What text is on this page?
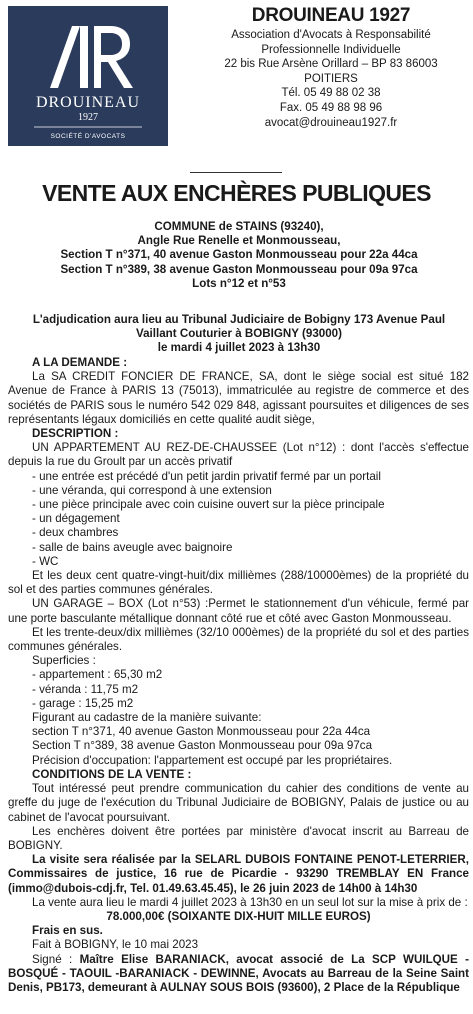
DROUINEAU
1927
SOCIÉTÉ D'AVOCATS
DROUINEAU 1927
Association d'Avocats à Responsabilité
Professionnelle Individuelle
22 bis Rue Arsène Orillard – BP 83 86003
POITIERS
Tél. 05 49 88 02 38
Fax. 05 49 88 98 96
avocat@drouineau1927.fr
VENTE AUX ENCHÈRES PUBLIQUES
COMMUNE de STAINS (93240),
Angle Rue Renelle et Monmousseau,
Section T n°371, 40 avenue Gaston Monmousseau pour 22a 44ca
Section T n°389, 38 avenue Gaston Monmousseau pour 09a 97ca
Lots n°12 et n°53
L'adjudication aura lieu au Tribunal Judiciaire de Bobigny 173 Avenue Paul
Vaillant Couturier à BOBIGNY (93000)
le mardi 4 juillet 2023 à 13h30

A LA DEMANDE :

La SA CREDIT FONCIER DE FRANCE, SA, dont le siège social est situé 182 Avenue de France à PARIS 13 (75013), immatriculée au registre de commerce et des sociétés de PARIS sous le numéro 542 029 848, agissant poursuites et diligences de ses représentants légaux domiciliés en cette qualité audit siège,

DESCRIPTION :

UN APPARTEMENT AU REZ-DE-CHAUSSEE (Lot n°12) : dont l'accès s'effectue depuis la rue du Groult par un accès privatif

- une entrée est précédé d'un petit jardin privatif fermé par un portail

- une véranda, qui correspond à une extension

- une pièce principale avec coin cuisine ouvert sur la pièce principale

- un dégagement

- deux chambres

- salle de bains aveugle avec baignoire

- WC

Et les deux cent quatre-vingt-huit/dix millièmes (288/10000èmes) de la propriété du sol et des parties communes générales.

UN GARAGE – BOX (Lot n°53) :Permet le stationnement d'un véhicule, fermé par une porte basculante métallique donnant côté rue et côté avec Gaston Monmousseau.

Et les trente-deux/dix millièmes (32/10 000èmes) de la propriété du sol et des parties communes générales.

Superficies :

- appartement : 65,30 m2

- véranda : 11,75 m2

- garage : 15,25 m2

Figurant au cadastre de la manière suivante:

section T n°371, 40 avenue Gaston Monmousseau pour 22a 44ca

Section T n°389, 38 avenue Gaston Monmousseau pour 09a 97ca

Précision d'occupation: l'appartement est occupé par les propriétaires.

CONDITIONS DE LA VENTE :

Tout intéressé peut prendre communication du cahier des conditions de vente au greffe du juge de l'exécution du Tribunal Judiciaire de BOBIGNY, Palais de justice ou au cabinet de l'avocat poursuivant.

Les enchères doivent être portées par ministère d'avocat inscrit au Barreau de BOBIGNY.

La visite sera réalisée par la SELARL DUBOIS FONTAINE PENOT-LETERRIER, Commissaires de justice, 16 rue de Picardie - 93290 TREMBLAY EN France (immo@dubois-cdj.fr, Tel. 01.49.63.45.45), le 26 juin 2023 de 14h00 à 14h30

La vente aura lieu le mardi 4 juillet 2023 à 13h30 en un seul lot sur la mise à prix de :

78.000,00€ (SOIXANTE DIX-HUIT MILLE EUROS)

Frais en sus.

Fait à BOBIGNY, le 10 mai 2023

Signé : Maître Elise BARANIACK, avocat associé de La SCP WUILQUE - BOSQUÉ - TAOUIL -BARANIACK - DEWINNE, Avocats au Barreau de la Seine Saint Denis, PB173, demeurant à AULNAY SOUS BOIS (93600), 2 Place de la République
